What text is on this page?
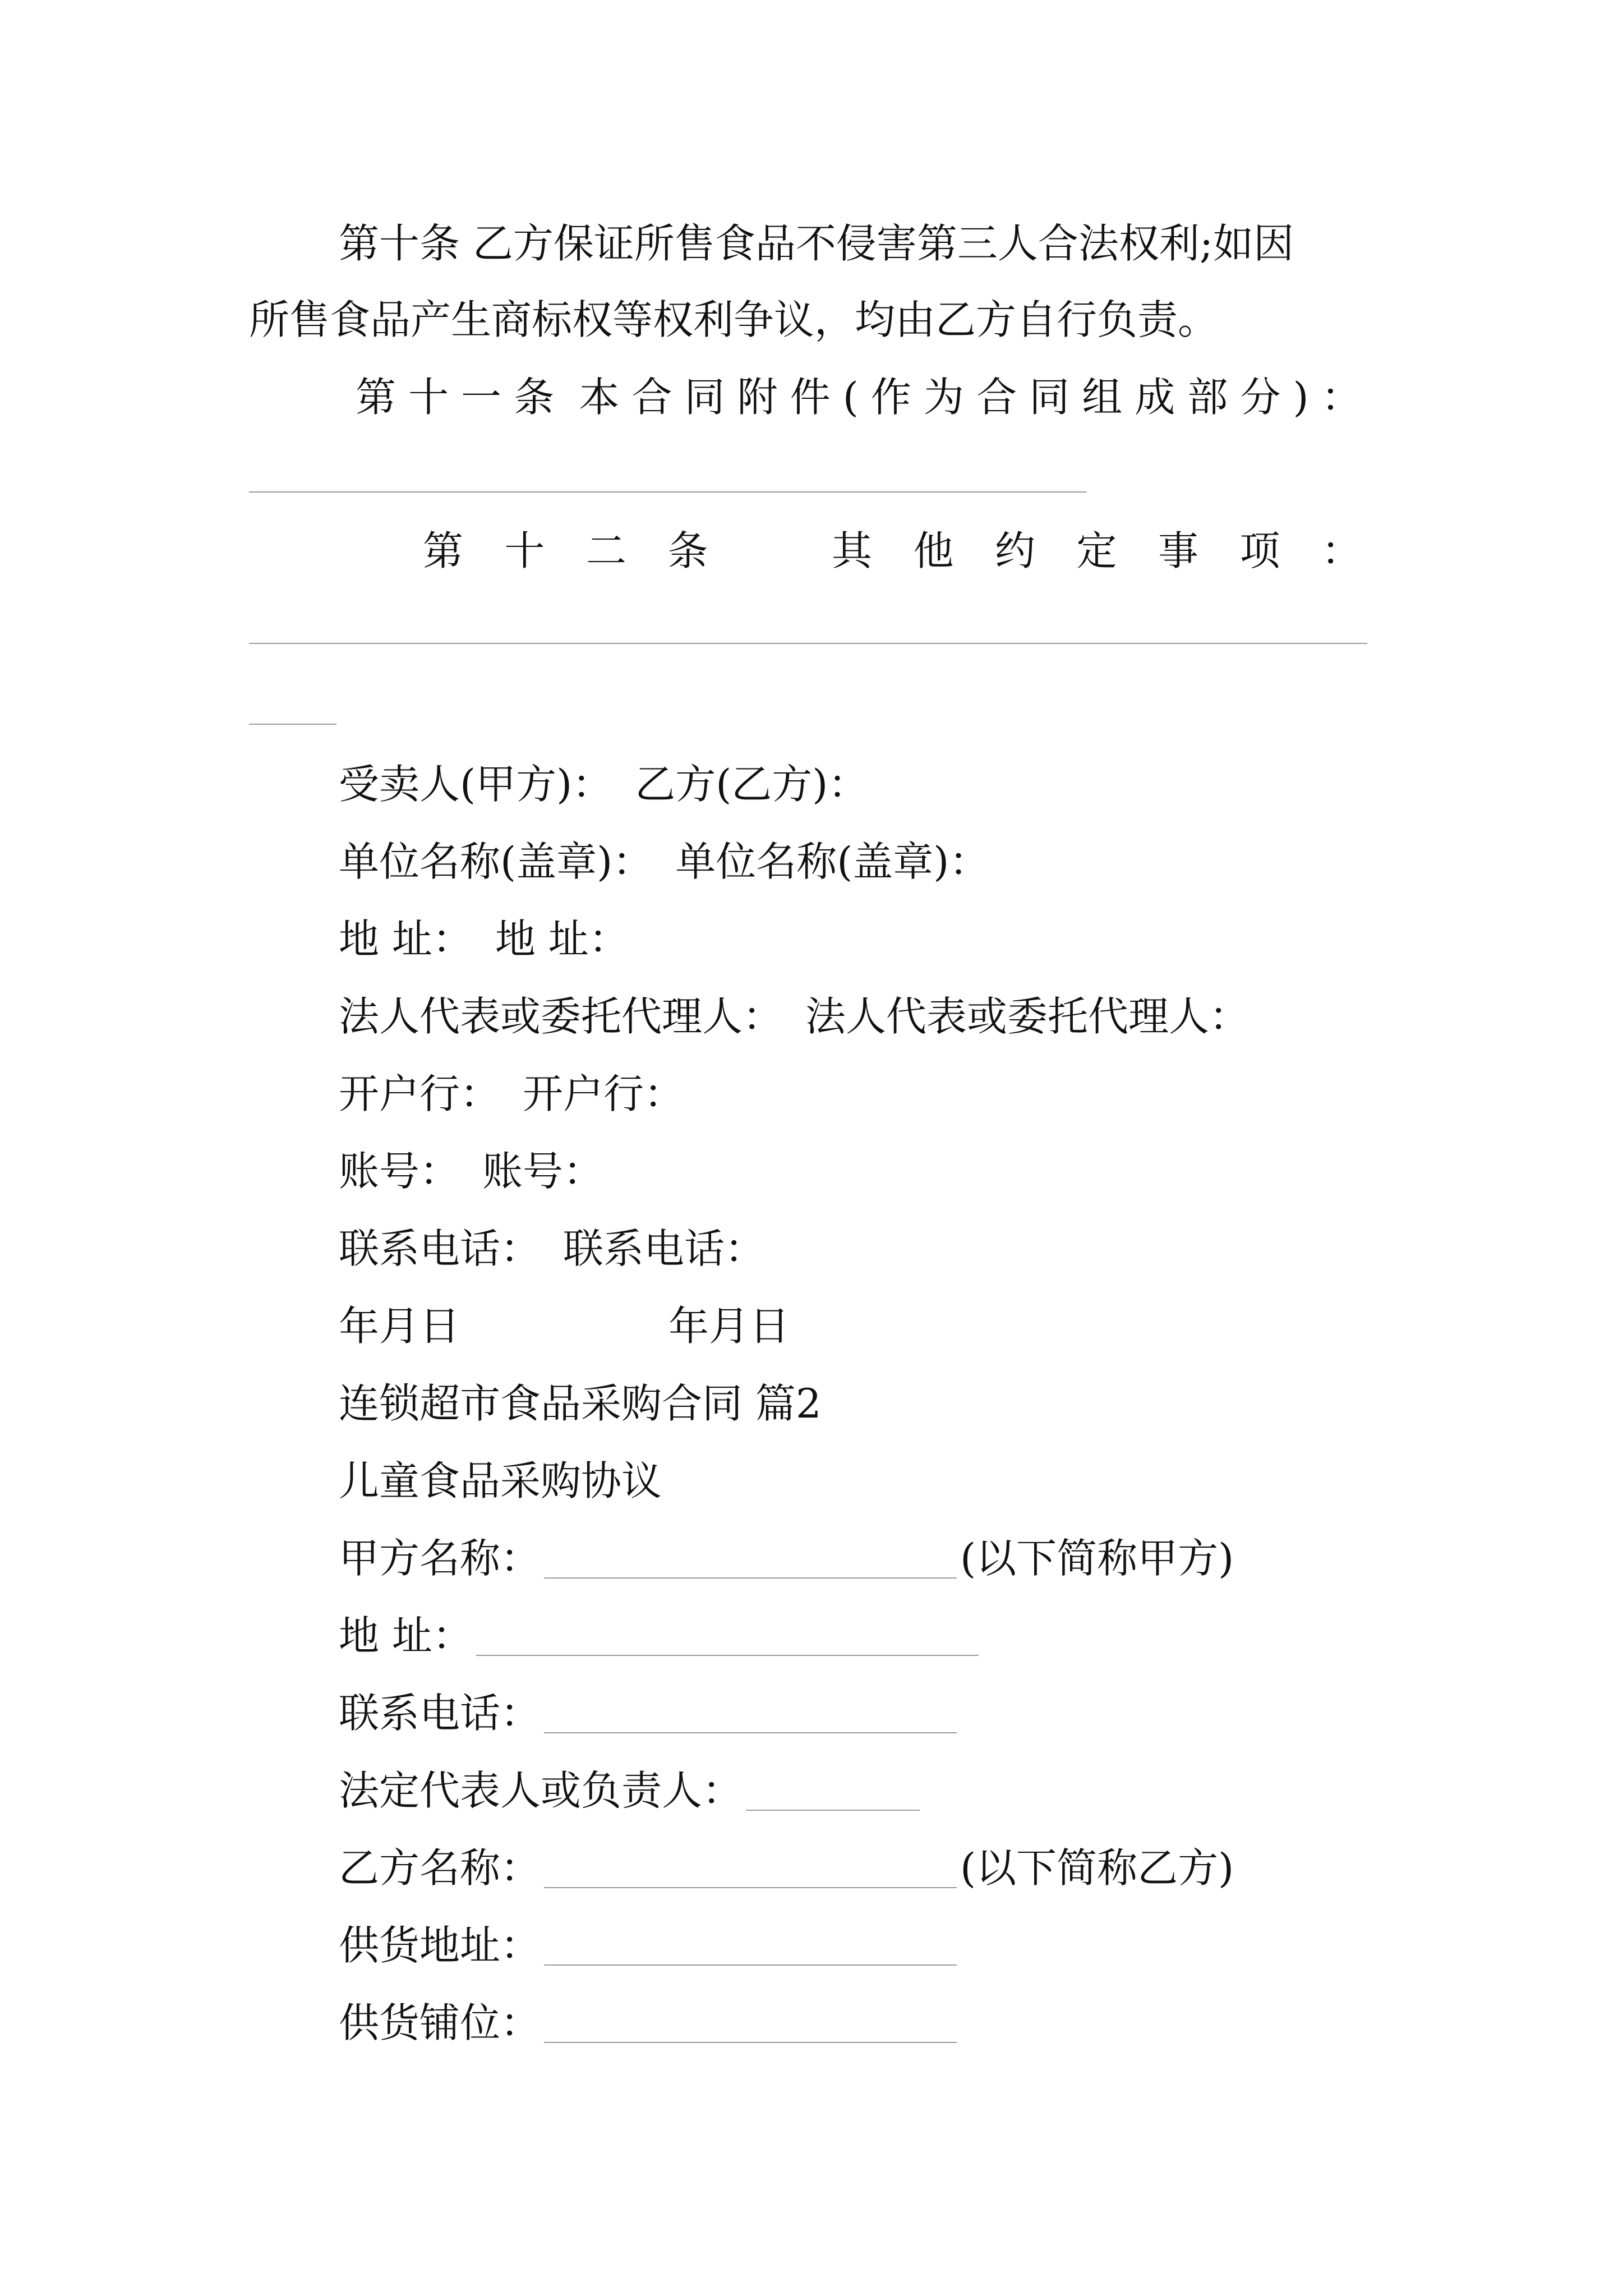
第十条 乙方保证所售食品不侵害第三人合法权利;如因
所售食品产生商标权等权利争议，均由乙方自行负责。
第 十 一 条 本 合 同 附 件 ( 作 为 合 同 组 成 部 分 ) ：
第 十 二 条	其 他 约 定 事 项 ：
受卖人(甲方)： 乙方(乙方)：
单位名称(盖章)： 单位名称(盖章)：
地 址： 地 址：
法人代表或委托代理人： 法人代表或委托代理人：
开户行： 开户行：
账号： 账号：
联系电话： 联系电话：
年月日	年月日
连锁超市食品采购合同 篇2
儿童食品采购协议
甲方名称：	(以下简称甲方)
地 址：
联系电话：
法定代表人或负责人：
乙方名称：	(以下简称乙方)
供货地址：
供货铺位：
